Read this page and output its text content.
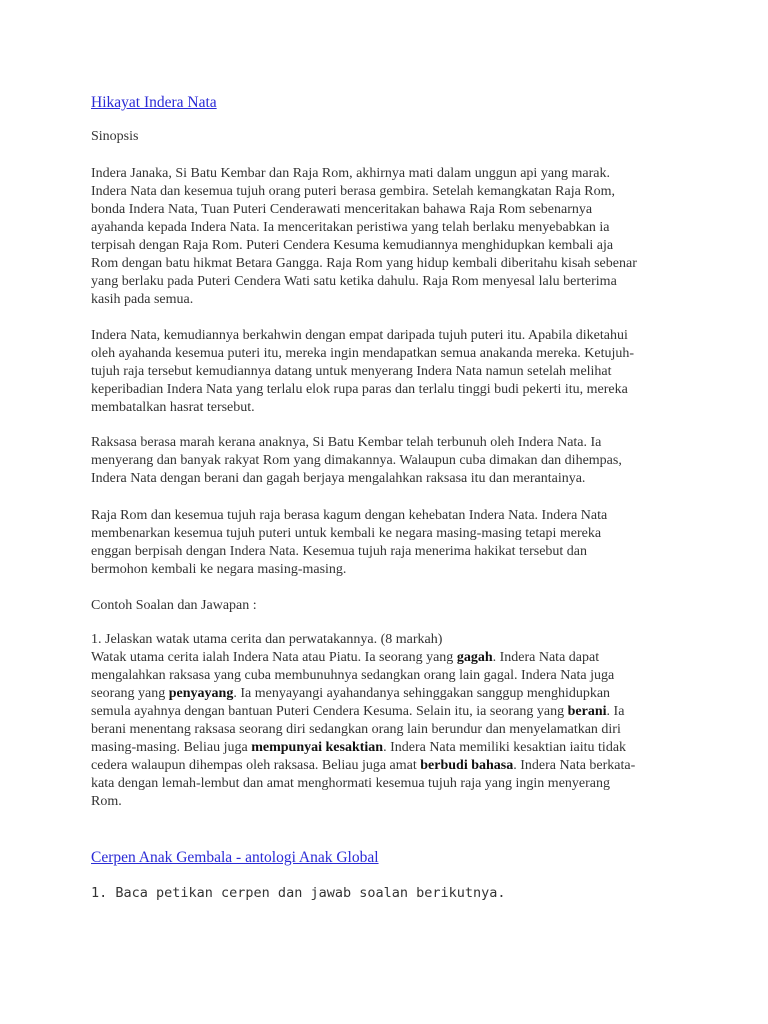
Hikayat Indera Nata
Sinopsis
Indera Janaka, Si Batu Kembar dan Raja Rom, akhirnya mati dalam unggun api yang marak.
Indera Nata dan kesemua tujuh orang puteri berasa gembira. Setelah kemangkatan Raja Rom,
bonda Indera Nata, Tuan Puteri Cenderawati menceritakan bahawa Raja Rom sebenarnya
ayahanda kepada Indera Nata. Ia menceritakan peristiwa yang telah berlaku menyebabkan ia
terpisah dengan Raja Rom. Puteri Cendera Kesuma kemudiannya menghidupkan kembali aja
Rom dengan batu hikmat Betara Gangga. Raja Rom yang hidup kembali diberitahu kisah sebenar
yang berlaku pada Puteri Cendera Wati satu ketika dahulu. Raja Rom menyesal lalu berterima
kasih pada semua.
Indera Nata, kemudiannya berkahwin dengan empat daripada tujuh puteri itu. Apabila diketahui
oleh ayahanda kesemua puteri itu, mereka ingin mendapatkan semua anakanda mereka. Ketujuh-
tujuh raja tersebut kemudiannya datang untuk menyerang Indera Nata namun setelah melihat
keperibadian Indera Nata yang terlalu elok rupa paras dan terlalu tinggi budi pekerti itu, mereka
membatalkan hasrat tersebut.
Raksasa berasa marah kerana anaknya, Si Batu Kembar telah terbunuh oleh Indera Nata. Ia
menyerang dan banyak rakyat Rom yang dimakannya. Walaupun cuba dimakan dan dihempas,
Indera Nata dengan berani dan gagah berjaya mengalahkan raksasa itu dan merantainya.
Raja Rom dan kesemua tujuh raja berasa kagum dengan kehebatan Indera Nata. Indera Nata
membenarkan kesemua tujuh puteri untuk kembali ke negara masing-masing tetapi mereka
enggan berpisah dengan Indera Nata. Kesemua tujuh raja menerima hakikat tersebut dan
bermohon kembali ke negara masing-masing.
Contoh Soalan dan Jawapan :
1. Jelaskan watak utama cerita dan perwatakannya. (8 markah)
Watak utama cerita ialah Indera Nata atau Piatu. Ia seorang yang gagah. Indera Nata dapat
mengalahkan raksasa yang cuba membunuhnya sedangkan orang lain gagal. Indera Nata juga
seorang yang penyayang. Ia menyayangi ayahandanya sehinggakan sanggup menghidupkan
semula ayahnya dengan bantuan Puteri Cendera Kesuma. Selain itu, ia seorang yang berani. Ia
berani menentang raksasa seorang diri sedangkan orang lain berundur dan menyelamatkan diri
masing-masing. Beliau juga mempunyai kesaktian. Indera Nata memiliki kesaktian iaitu tidak
cedera walaupun dihempas oleh raksasa. Beliau juga amat berbudi bahasa. Indera Nata berkata-
kata dengan lemah-lembut dan amat menghormati kesemua tujuh raja yang ingin menyerang
Rom.
Cerpen Anak Gembala - antologi Anak Global
1. Baca petikan cerpen dan jawab soalan berikutnya.
